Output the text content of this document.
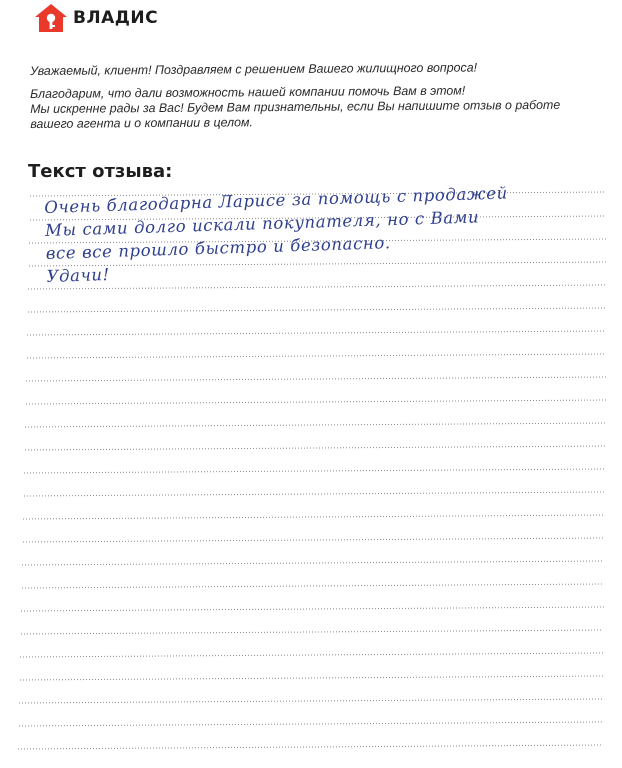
ВЛАДИС

Уважаемый, клиент! Поздравляем с решением Вашего жилищного вопроса!

Благодарим, что дали возможность нашей компании помочь Вам в этом!

Мы искренне рады за Вас! Будем Вам признательны, если Вы напишите отзыв о работе

вашего агента и о компании в целом.

Текст отзыва:
Очень благодарна Ларисе за помощь с продажей
Мы сами долго искали покупателя, но с Вами
все все прошло быстро и безопасно.
Удачи!
